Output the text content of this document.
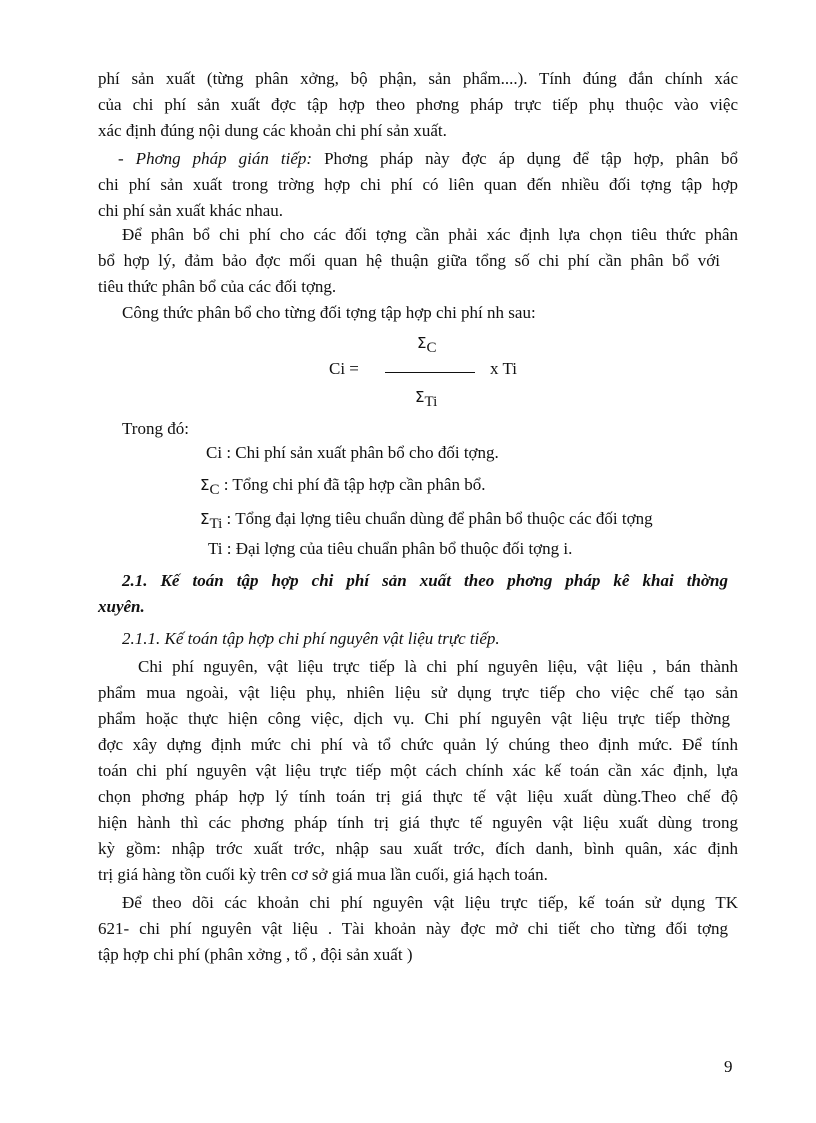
phí sản xuất (từng phân xởng, bộ phận, sản phẩm....). Tính đúng đắn chính xác
của chi phí sản xuất đợc tập hợp theo phơng pháp trực tiếp phụ thuộc vào việc
xác định đúng nội dung các khoản chi phí sản xuất.
- Phơng pháp gián tiếp: Phơng pháp này đợc áp dụng để tập hợp, phân bổ
chi phí sản xuất trong trờng hợp chi phí có liên quan đến nhiều đối tợng tập hợp
chi phí sản xuất khác nhau.
Để phân bổ chi phí cho các đối tợng cần phải xác định lựa chọn tiêu thức phân
bổ hợp lý, đảm bảo đợc mối quan hệ thuận giữa tổng số chi phí cần phân bổ với
tiêu thức phân bổ của các đối tợng.
Công thức phân bổ cho từng đối tợng tập hợp chi phí nh sau:
ΣC
Ci =	x Ti
ΣTi
Trong đó:
Ci : Chi phí sản xuất phân bổ cho đối tợng.
ΣC : Tổng chi phí đã tập hợp cần phân bổ.
ΣTi : Tổng đại lợng tiêu chuẩn dùng để phân bổ thuộc các đối tợng
Ti : Đại lợng của tiêu chuẩn phân bổ thuộc đối tợng i.
2.1. Kế toán tập hợp chi phí sản xuất theo phơng pháp kê khai thờng
xuyên.
2.1.1. Kế toán tập hợp chi phí nguyên vật liệu trực tiếp.
Chi phí nguyên, vật liệu trực tiếp là chi phí nguyên liệu, vật liệu , bán thành
phẩm mua ngoài, vật liệu phụ, nhiên liệu sử dụng trực tiếp cho việc chế tạo sản
phẩm hoặc thực hiện công việc, dịch vụ. Chi phí nguyên vật liệu trực tiếp thờng
đợc xây dựng định mức chi phí và tổ chức quản lý chúng theo định mức. Để tính
toán chi phí nguyên vật liệu trực tiếp một cách chính xác kế toán cần xác định, lựa
chọn phơng pháp hợp lý tính toán trị giá thực tế vật liệu xuất dùng.Theo chế độ
hiện hành thì các phơng pháp tính trị giá thực tế nguyên vật liệu xuất dùng trong
kỳ gồm: nhập trớc xuất trớc, nhập sau xuất trớc, đích danh, bình quân, xác định
trị giá hàng tồn cuối kỳ trên cơ sở giá mua lần cuối, giá hạch toán.
Để theo dõi các khoản chi phí nguyên vật liệu trực tiếp, kế toán sử dụng TK
621- chi phí nguyên vật liệu . Tài khoản này đợc mở chi tiết cho từng đối tợng
tập hợp chi phí (phân xởng , tổ , đội sản xuất )
9
